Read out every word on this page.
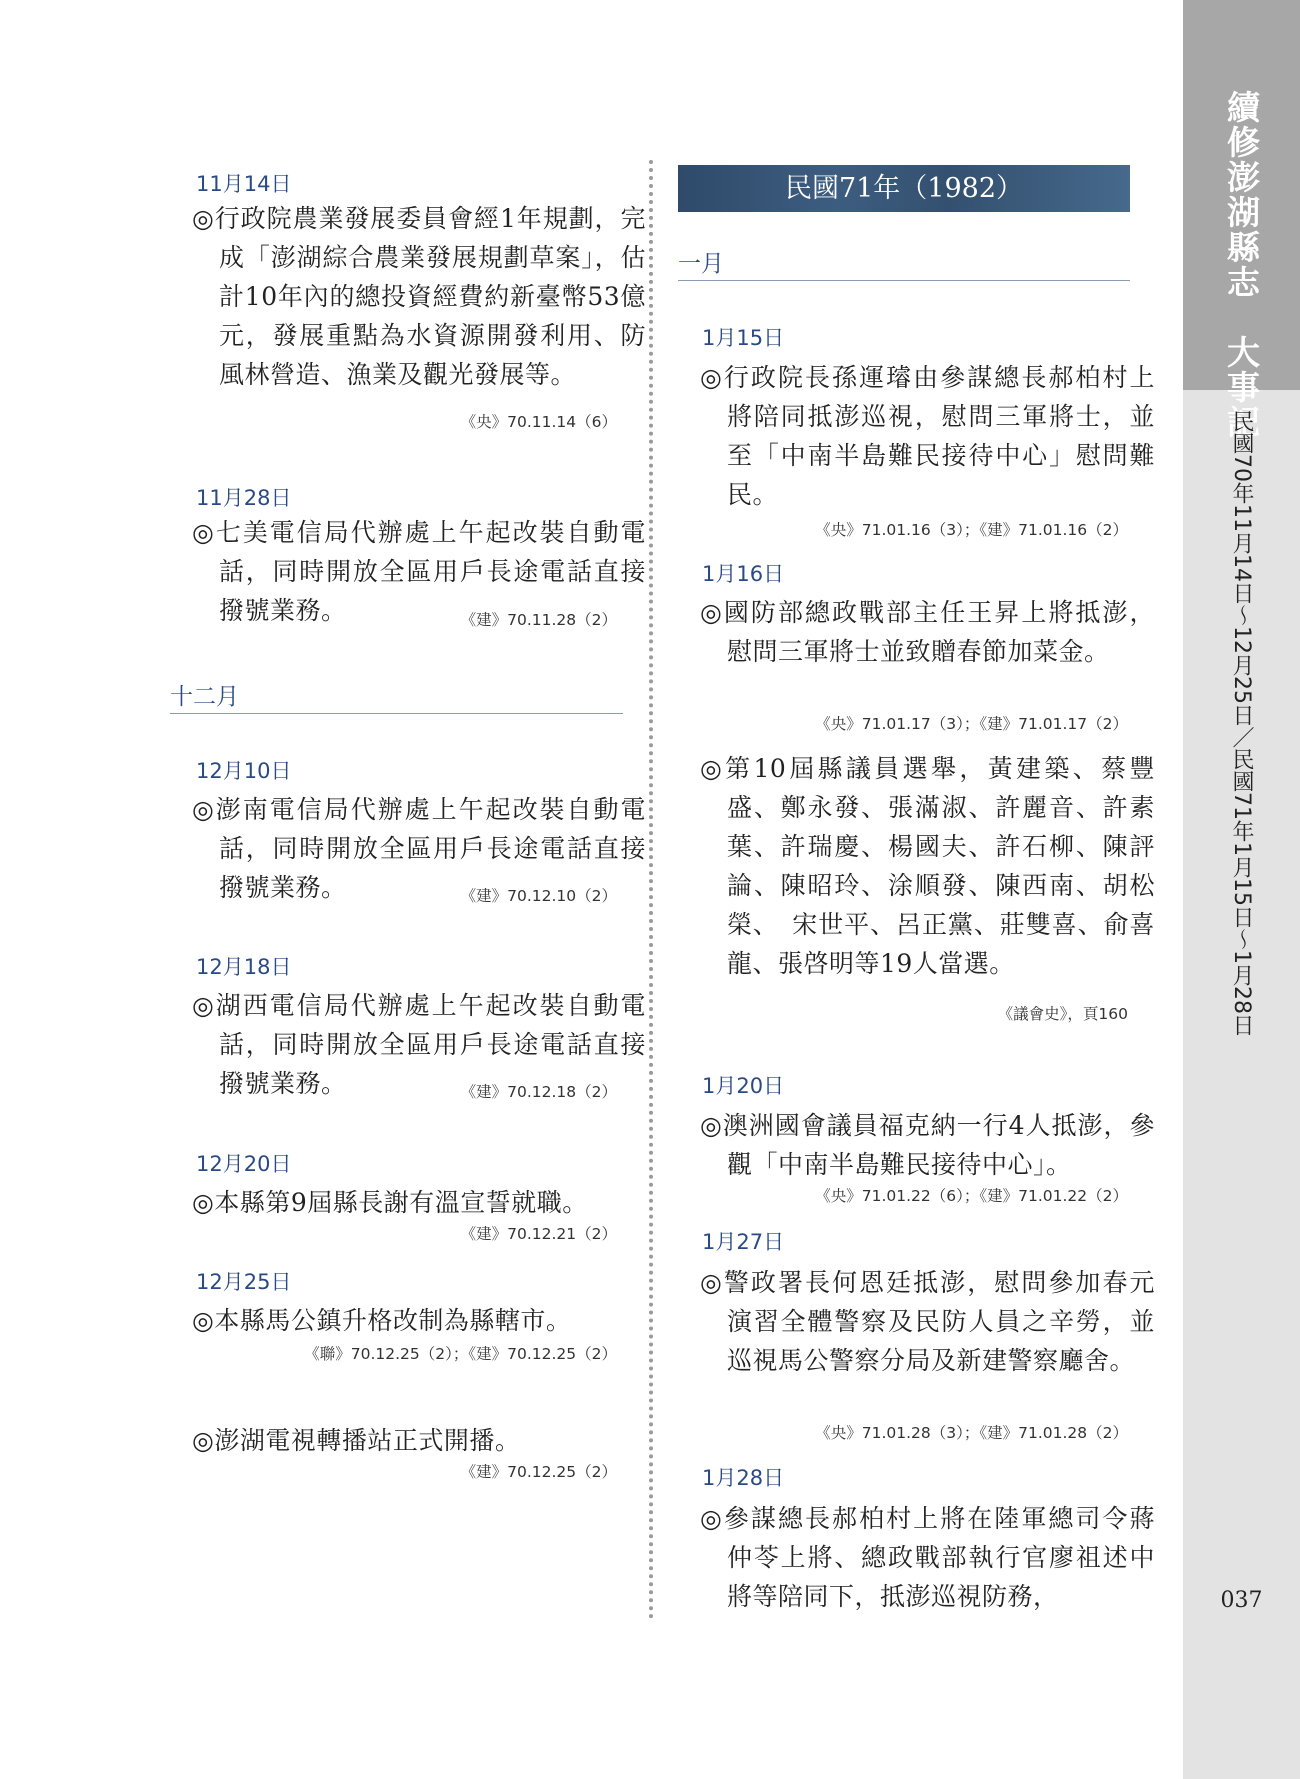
11月14日
◎行政院農業發展委員會經1年規劃，完成「澎湖綜合農業發展規劃草案」，估計10年內的總投資經費約新臺幣53億元，發展重點為水資源開發利用、防風林營造、漁業及觀光發展等。
《央》70.11.14（6）
11月28日
◎七美電信局代辦處上午起改裝自動電話，同時開放全區用戶長途電話直接撥號業務。	《建》70.11.28（2）
十二月
12月10日
◎澎南電信局代辦處上午起改裝自動電話，同時開放全區用戶長途電話直接撥號業務。	《建》70.12.10（2）
12月18日
◎湖西電信局代辦處上午起改裝自動電話，同時開放全區用戶長途電話直接撥號業務。	《建》70.12.18（2）
12月20日
◎本縣第9屆縣長謝有溫宣誓就職。
《建》70.12.21（2）
12月25日
◎本縣馬公鎮升格改制為縣轄市。
《聯》70.12.25（2）；《建》70.12.25（2）
◎澎湖電視轉播站正式開播。
《建》70.12.25（2）
民國71年（1982）
一月
1月15日
◎行政院長孫運璿由參謀總長郝柏村上將陪同抵澎巡視，慰問三軍將士，並至「中南半島難民接待中心」慰問難民。
《央》71.01.16（3）；《建》71.01.16（2）
1月16日
◎國防部總政戰部主任王昇上將抵澎，慰問三軍將士並致贈春節加菜金。
《央》71.01.17（3）；《建》71.01.17（2）
◎第10屆縣議員選舉，黃建築、蔡豐盛、鄭永發、張滿淑、許麗音、許素葉、許瑞慶、楊國夫、許石柳、陳評論、陳昭玲、涂順發、陳西南、胡松榮、　宋世平、呂正黨、莊雙喜、俞喜龍、張啓明等19人當選。
《議會史》，頁160
1月20日
◎澳洲國會議員福克納一行4人抵澎，參觀「中南半島難民接待中心」。
《央》71.01.22（6）；《建》71.01.22（2）
1月27日
◎警政署長何恩廷抵澎，慰問參加春元演習全體警察及民防人員之辛勞，並巡視馬公警察分局及新建警察廳舍。
《央》71.01.28（3）；《建》71.01.28（2）
1月28日
◎參謀總長郝柏村上將在陸軍總司令蔣仲苓上將、總政戰部執行官廖祖述中將等陪同下，抵澎巡視防務，
續修澎湖縣志　大事記
民國70年11月14日～12月25日／民國71年1月15日～1月28日
037
